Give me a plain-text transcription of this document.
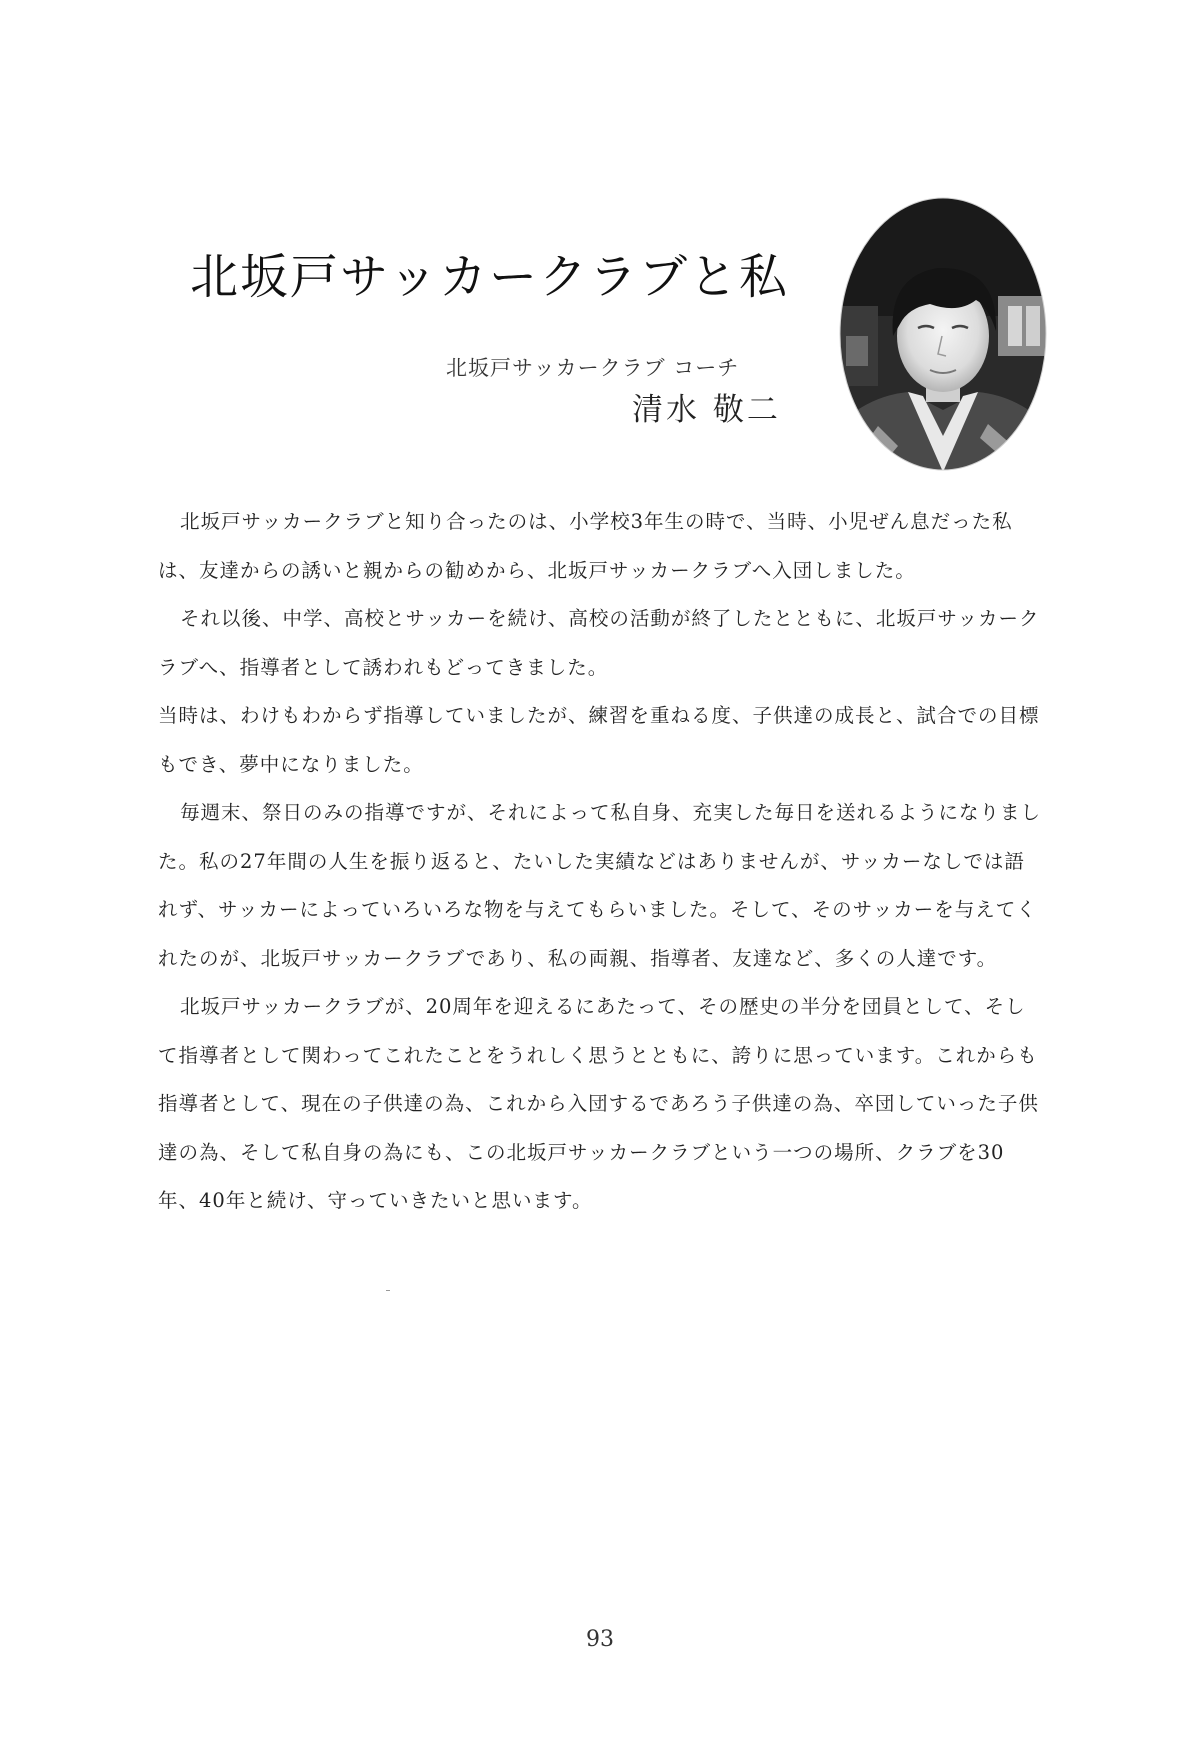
北坂戸サッカークラブと私
北坂戸サッカークラブ コーチ
清水 敬二

北坂戸サッカークラブと知り合ったのは、小学校3年生の時で、当時、小児ぜん息だった私は、友達からの誘いと親からの勧めから、北坂戸サッカークラブへ入団しました。

それ以後、中学、高校とサッカーを続け、高校の活動が終了したとともに、北坂戸サッカークラブへ、指導者として誘われもどってきました。

当時は、わけもわからず指導していましたが、練習を重ねる度、子供達の成長と、試合での目標もでき、夢中になりました。

毎週末、祭日のみの指導ですが、それによって私自身、充実した毎日を送れるようになりました。私の27年間の人生を振り返ると、たいした実績などはありませんが、サッカーなしでは語れず、サッカーによっていろいろな物を与えてもらいました。そして、そのサッカーを与えてくれたのが、北坂戸サッカークラブであり、私の両親、指導者、友達など、多くの人達です。

北坂戸サッカークラブが、20周年を迎えるにあたって、その歴史の半分を団員として、そして指導者として関わってこれたことをうれしく思うとともに、誇りに思っています。これからも指導者として、現在の子供達の為、これから入団するであろう子供達の為、卒団していった子供達の為、そして私自身の為にも、この北坂戸サッカークラブという一つの場所、クラブを30年、40年と続け、守っていきたいと思います。

93
